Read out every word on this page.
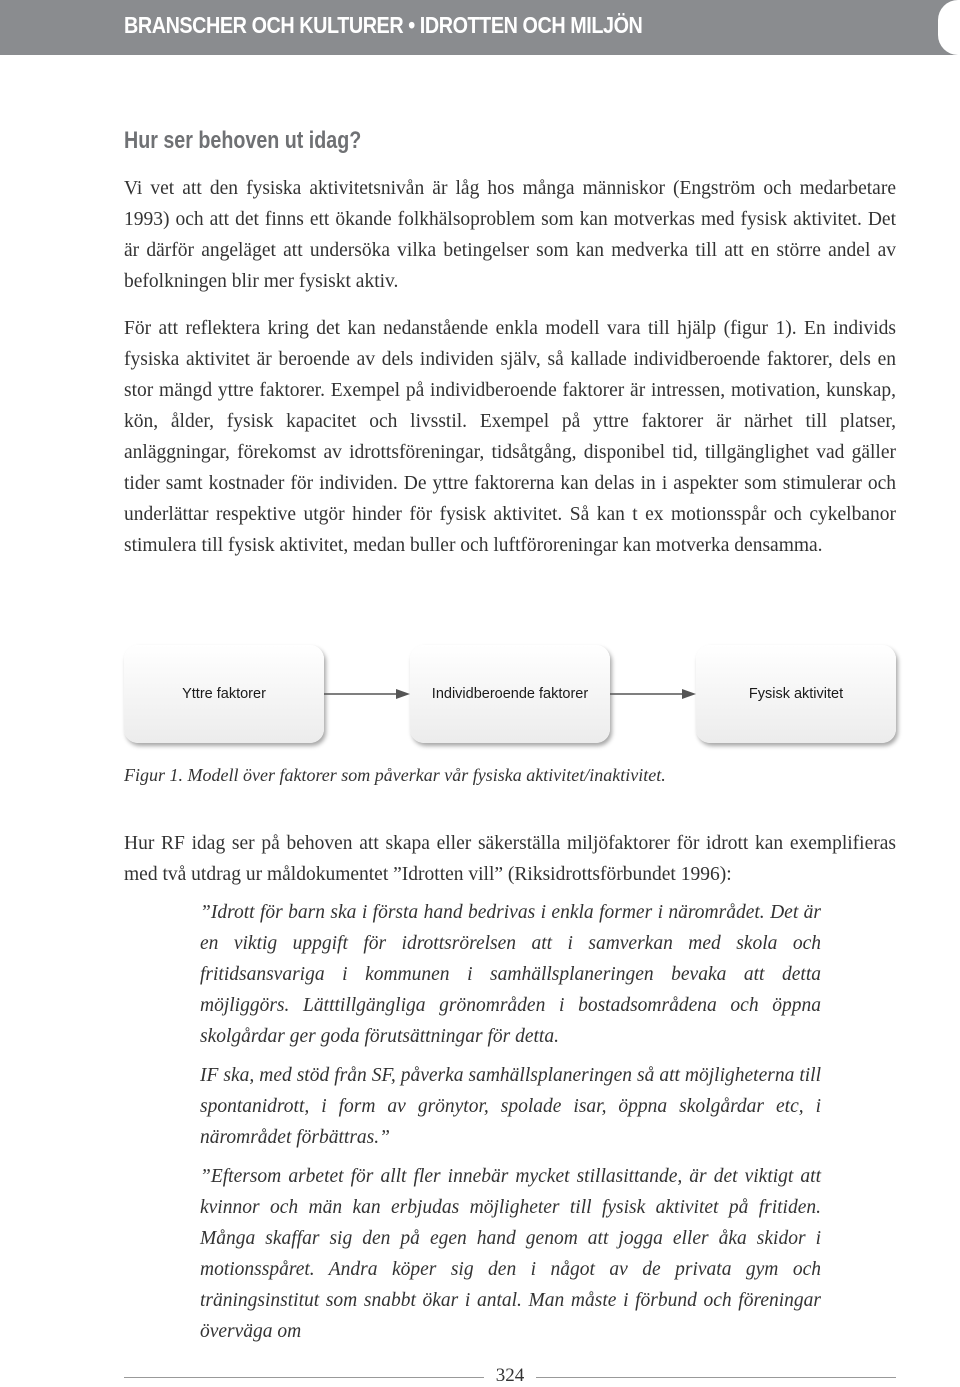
BRANSCHER OCH KULTURER • IDROTTEN OCH MILJÖN
Hur ser behoven ut idag?

Vi vet att den fysiska aktivitetsnivån är låg hos många människor (Engström och medarbetare 1993) och att det finns ett ökande folkhälsoproblem som kan motverkas med fysisk aktivitet. Det är därför angeläget att undersöka vilka betingelser som kan medverka till att en större andel av befolkningen blir mer fysiskt aktiv.

För att reflektera kring det kan nedanstående enkla modell vara till hjälp (figur 1). En individs fysiska aktivitet är beroende av dels individen själv, så kallade individberoende faktorer, dels en stor mängd yttre faktorer. Exempel på individberoende faktorer är intressen, motivation, kunskap, kön, ålder, fysisk kapacitet och livsstil. Exempel på yttre faktorer är närhet till platser, anläggningar, förekomst av idrottsföreningar, tidsåtgång, disponibel tid, tillgänglighet vad gäller tider samt kostnader för individen. De yttre faktorerna kan delas in i aspekter som stimulerar och underlättar respektive utgör hinder för fysisk aktivitet. Så kan t ex motionsspår och cykelbanor stimulera till fysisk aktivitet, medan buller och luftföroreningar kan motverka densamma.

Yttre faktorer	Individberoende faktorer	Fysisk aktivitet
Figur 1. Modell över faktorer som påverkar vår fysiska aktivitet/inaktivitet.

Hur RF idag ser på behoven att skapa eller säkerställa miljöfaktorer för idrott kan exemplifieras med två utdrag ur måldokumentet ”Idrotten vill” (Riksidrottsförbundet 1996):

”Idrott för barn ska i första hand bedrivas i enkla former i närområdet. Det är en viktig uppgift för idrottsrörelsen att i samverkan med skola och fritidsansvariga i kommunen i samhällsplaneringen bevaka att detta möjliggörs. Lätttillgängliga grönområden i bostadsområdena och öppna skolgårdar ger goda förutsättningar för detta.

IF ska, med stöd från SF, påverka samhällsplaneringen så att möjligheterna till spontanidrott, i form av grönytor, spolade isar, öppna skolgårdar etc, i närområdet förbättras.”

”Eftersom arbetet för allt fler innebär mycket stillasittande, är det viktigt att kvinnor och män kan erbjudas möjligheter till fysisk aktivitet på fritiden. Många skaffar sig den på egen hand genom att jogga eller åka skidor i motionsspåret. Andra köper sig den i något av de privata gym och träningsinstitut som snabbt ökar i antal. Man måste i förbund och föreningar överväga om

324
